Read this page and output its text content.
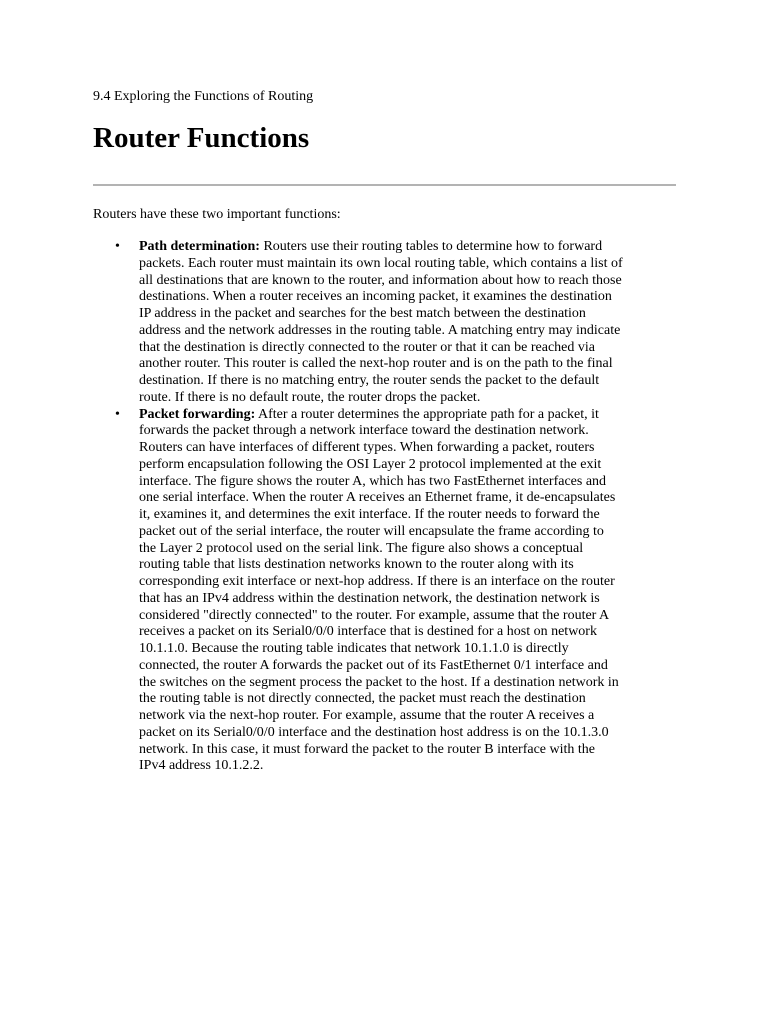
9.4 Exploring the Functions of Routing
Router Functions

Routers have these two important functions:

• Path determination: Routers use their routing tables to determine how to forward
packets. Each router must maintain its own local routing table, which contains a list of
all destinations that are known to the router, and information about how to reach those
destinations. When a router receives an incoming packet, it examines the destination
IP address in the packet and searches for the best match between the destination
address and the network addresses in the routing table. A matching entry may indicate
that the destination is directly connected to the router or that it can be reached via
another router. This router is called the next-hop router and is on the path to the final
destination. If there is no matching entry, the router sends the packet to the default
route. If there is no default route, the router drops the packet.

• Packet forwarding: After a router determines the appropriate path for a packet, it
forwards the packet through a network interface toward the destination network.
Routers can have interfaces of different types. When forwarding a packet, routers
perform encapsulation following the OSI Layer 2 protocol implemented at the exit
interface. The figure shows the router A, which has two FastEthernet interfaces and
one serial interface. When the router A receives an Ethernet frame, it de-encapsulates
it, examines it, and determines the exit interface. If the router needs to forward the
packet out of the serial interface, the router will encapsulate the frame according to
the Layer 2 protocol used on the serial link. The figure also shows a conceptual
routing table that lists destination networks known to the router along with its
corresponding exit interface or next-hop address. If there is an interface on the router
that has an IPv4 address within the destination network, the destination network is
considered "directly connected" to the router. For example, assume that the router A
receives a packet on its Serial0/0/0 interface that is destined for a host on network
10.1.1.0. Because the routing table indicates that network 10.1.1.0 is directly
connected, the router A forwards the packet out of its FastEthernet 0/1 interface and
the switches on the segment process the packet to the host. If a destination network in
the routing table is not directly connected, the packet must reach the destination
network via the next-hop router. For example, assume that the router A receives a
packet on its Serial0/0/0 interface and the destination host address is on the 10.1.3.0
network. In this case, it must forward the packet to the router B interface with the
IPv4 address 10.1.2.2.
